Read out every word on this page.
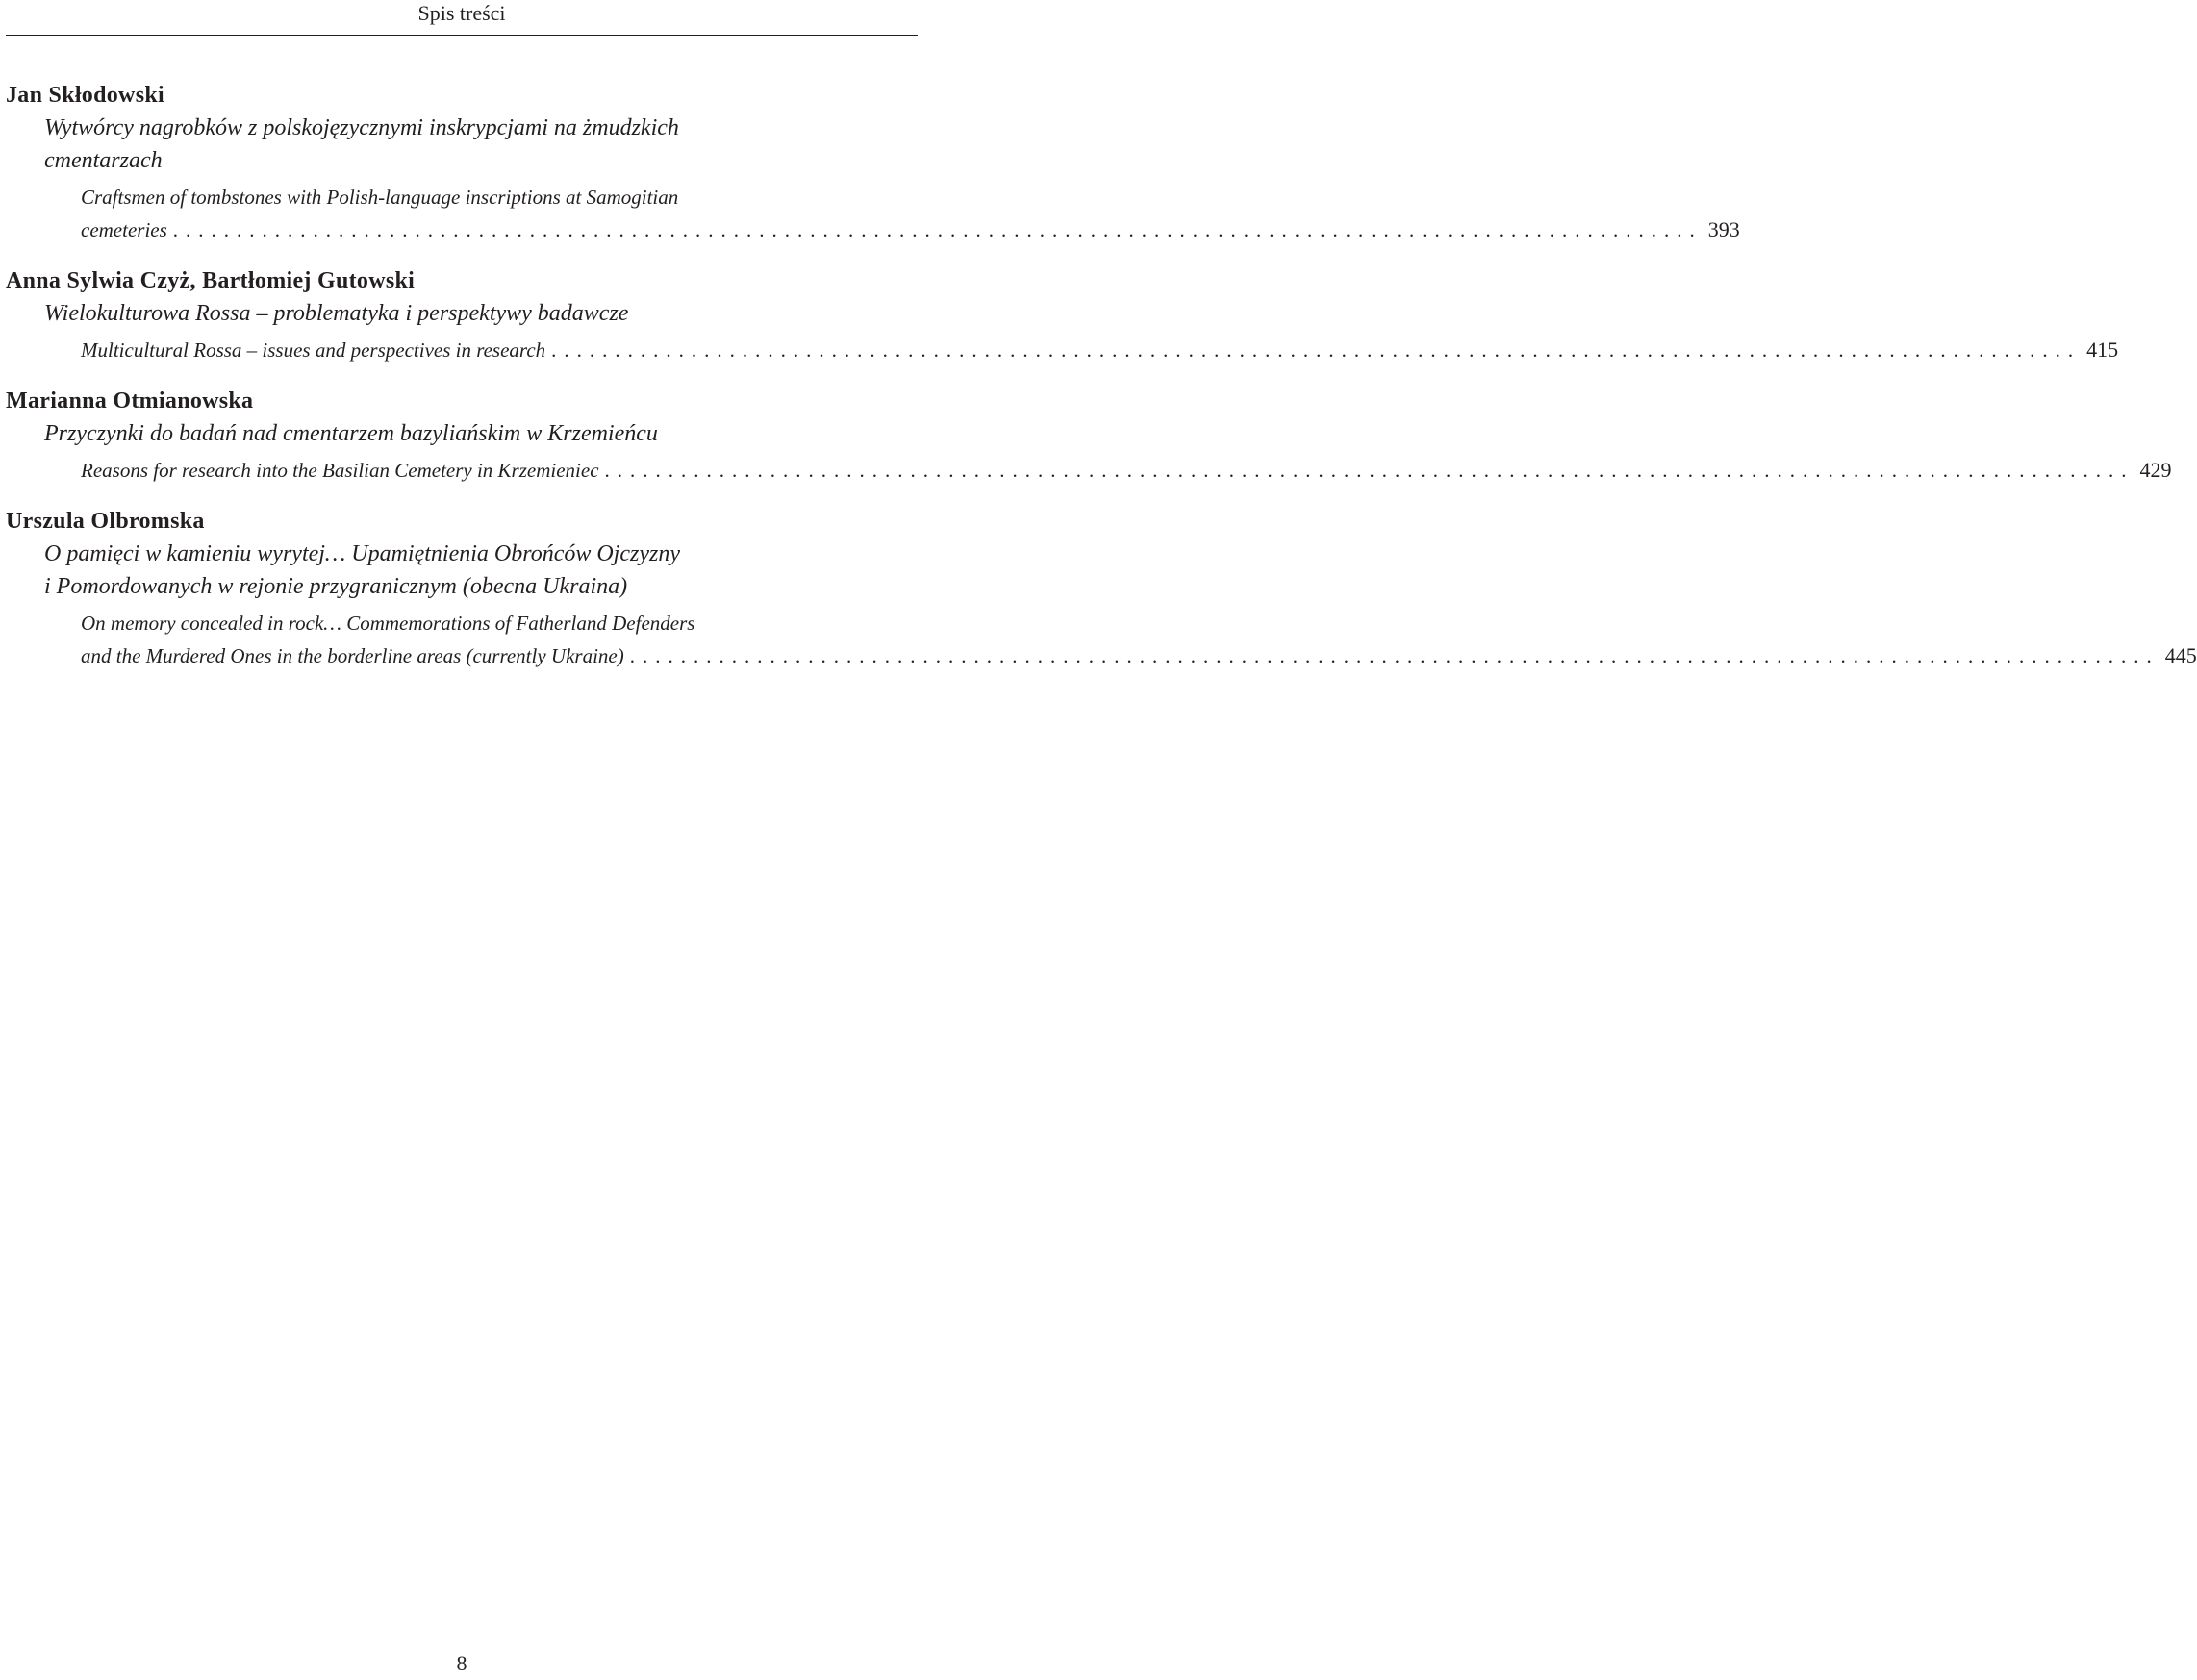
Spis treści
Jan Skłodowski
Wytwórcy nagrobków z polskojęzycznymi inskrypcjami na żmudzkich
cmentarzach
Craftsmen of tombstones with Polish-language inscriptions at Samogitian
cemeteries ........................................................................................................................ 393
Anna Sylwia Czyż, Bartłomiej Gutowski
Wielokulturowa Rossa – problematyka i perspektywy badawcze
Multicultural Rossa – issues and perspectives in research ........................................................................................................................ 415
Marianna Otmianowska
Przyczynki do badań nad cmentarzem bazyliańskim w Krzemieńcu
Reasons for research into the Basilian Cemetery in Krzemieniec ........................................................................................................................ 429
Urszula Olbromska
O pamięci w kamieniu wyrytej… Upamiętnienia Obrońców Ojczyzny
i Pomordowanych w rejonie przygranicznym (obecna Ukraina)
On memory concealed in rock… Commemorations of Fatherland Defenders
and the Murdered Ones in the borderline areas (currently Ukraine) ........................................................................................................................ 445
8
